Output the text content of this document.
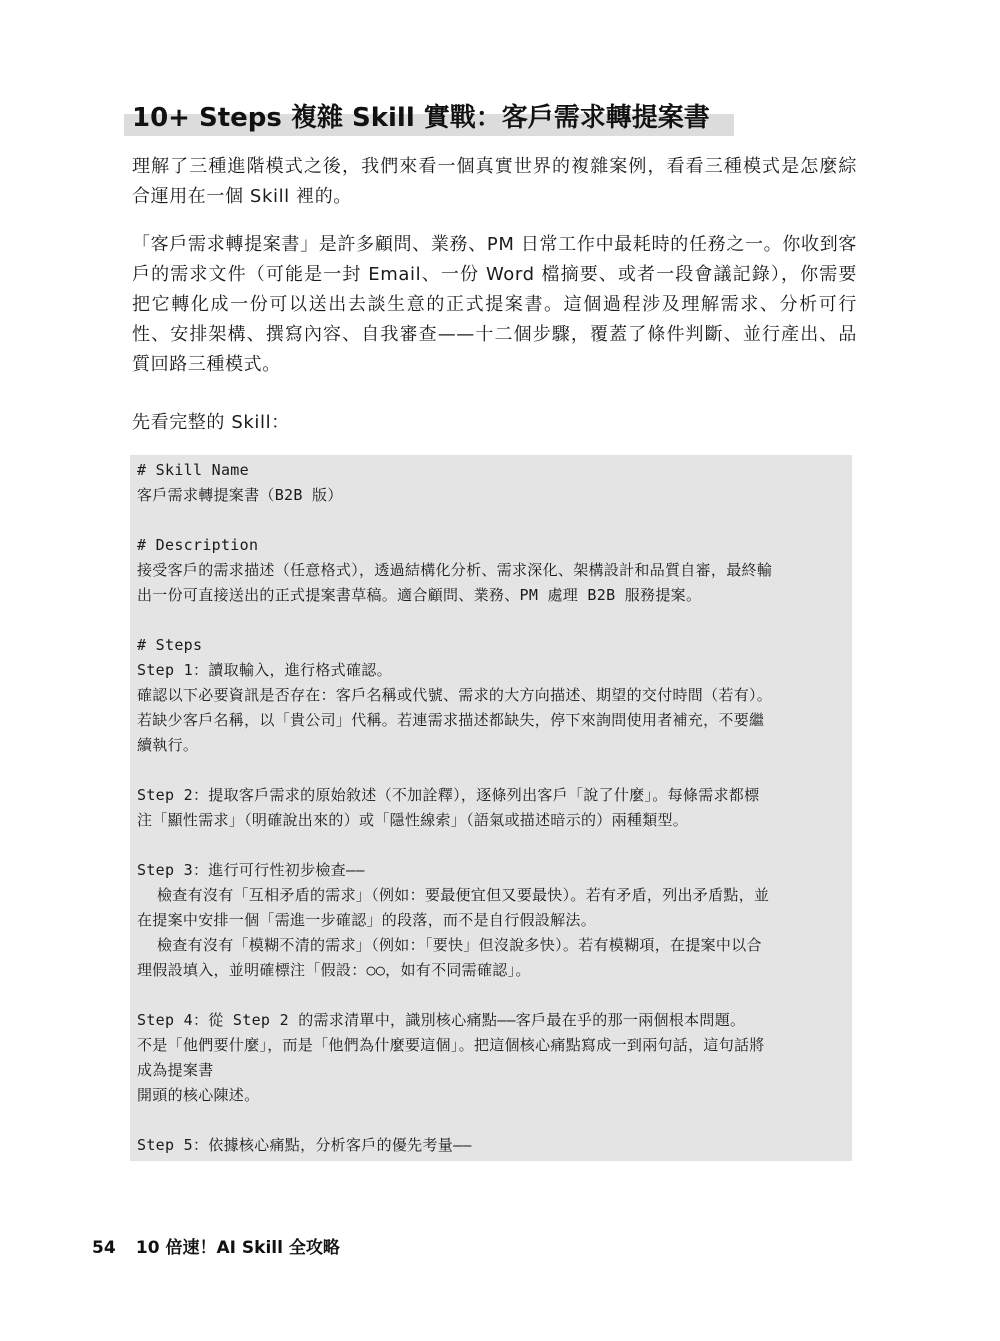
10+ Steps 複雜 Skill 實戰：客戶需求轉提案書

理解了三種進階模式之後，我們來看一個真實世界的複雜案例，看看三種模式是怎麼綜合運用在一個 Skill 裡的。

「客戶需求轉提案書」是許多顧問、業務、PM 日常工作中最耗時的任務之一。你收到客戶的需求文件（可能是一封 Email、一份 Word 檔摘要、或者一段會議記錄），你需要把它轉化成一份可以送出去談生意的正式提案書。這個過程涉及理解需求、分析可行性、安排架構、撰寫內容、自我審查——十二個步驟，覆蓋了條件判斷、並行產出、品質回路三種模式。

先看完整的 Skill：

# Skill Name

客戶需求轉提案書（B2B 版）

# Description

接受客戶的需求描述（任意格式），透過結構化分析、需求深化、架構設計和品質自審，最終輸

出一份可直接送出的正式提案書草稿。適合顧問、業務、PM 處理 B2B 服務提案。

# Steps

Step 1：讀取輸入，進行格式確認。

確認以下必要資訊是否存在：客戶名稱或代號、需求的大方向描述、期望的交付時間（若有）。

若缺少客戶名稱，以「貴公司」代稱。若連需求描述都缺失，停下來詢問使用者補充，不要繼

續執行。

Step 2：提取客戶需求的原始敘述（不加詮釋），逐條列出客戶「說了什麼」。每條需求都標

注「顯性需求」（明確說出來的）或「隱性線索」（語氣或描述暗示的）兩種類型。

Step 3：進行可行性初步檢查——

檢查有沒有「互相矛盾的需求」（例如：要最便宜但又要最快）。若有矛盾，列出矛盾點，並

在提案中安排一個「需進一步確認」的段落，而不是自行假設解法。

檢查有沒有「模糊不清的需求」（例如：「要快」但沒說多快）。若有模糊項，在提案中以合

理假設填入，並明確標注「假設：○○，如有不同需確認」。

Step 4：從 Step 2 的需求清單中，識別核心痛點——客戶最在乎的那一兩個根本問題。

不是「他們要什麼」，而是「他們為什麼要這個」。把這個核心痛點寫成一到兩句話，這句話將

成為提案書

開頭的核心陳述。

Step 5：依據核心痛點，分析客戶的優先考量——

54 10 倍速！AI Skill 全攻略
